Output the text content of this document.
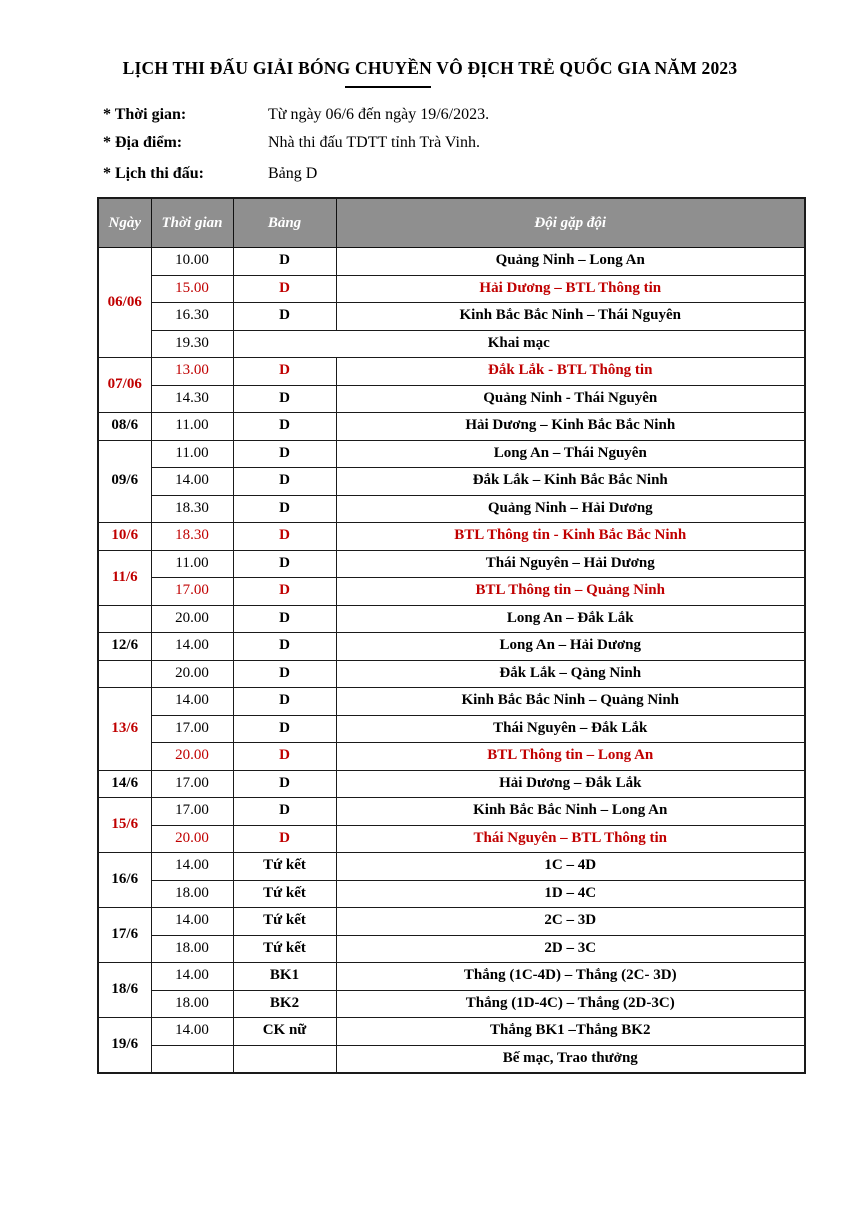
LỊCH THI ĐẤU GIẢI BÓNG CHUYỀN VÔ ĐỊCH TRẺ QUỐC GIA NĂM 2023
* Thời gian:	Từ ngày 06/6 đến ngày 19/6/2023.
* Địa điểm:	Nhà thi đấu TDTT tỉnh Trà Vinh.
* Lịch thi đấu:	Bảng D
Ngày	Thời gian	Bảng	Đội gặp đội
06/06	10.00	D	Quảng Ninh – Long An
	15.00	D	Hải Dương – BTL Thông tin
	16.30	D	Kinh Bắc Bắc Ninh – Thái Nguyên
	19.30	Khai mạc	
07/06	13.00	D	Đắk Lắk - BTL Thông tin
	14.30	D	Quảng Ninh - Thái Nguyên
08/6	11.00	D	Hải Dương – Kinh Bắc Bắc Ninh
09/6	11.00	D	Long An – Thái Nguyên
	14.00	D	Đắk Lắk – Kinh Bắc Bắc Ninh
	18.30	D	Quảng Ninh – Hải Dương
10/6	18.30	D	BTL Thông tin - Kinh Bắc Bắc Ninh
11/6	11.00	D	Thái Nguyên – Hải Dương
	17.00	D	BTL Thông tin – Quảng Ninh
	20.00	D	Long An – Đắk Lắk
12/6	14.00	D	Long An – Hải Dương
	20.00	D	Đắk Lắk – Qảng Ninh
13/6	14.00	D	Kinh Bắc Bắc Ninh – Quảng Ninh
	17.00	D	Thái Nguyên – Đắk Lắk
	20.00	D	BTL Thông tin – Long An
14/6	17.00	D	Hải Dương – Đắk Lắk
15/6	17.00	D	Kinh Bắc Bắc Ninh – Long An
	20.00	D	Thái Nguyên – BTL Thông tin
16/6	14.00	Tứ kết	1C – 4D
	18.00	Tứ kết	1D – 4C
17/6	14.00	Tứ kết	2C – 3D
	18.00	Tứ kết	2D – 3C
18/6	14.00	BK1	Thắng (1C-4D) – Thắng (2C- 3D)
	18.00	BK2	Thắng (1D-4C) – Thắng (2D-3C)
19/6	14.00	CK nữ	Thắng BK1 –Thắng BK2
			Bế mạc, Trao thưởng
